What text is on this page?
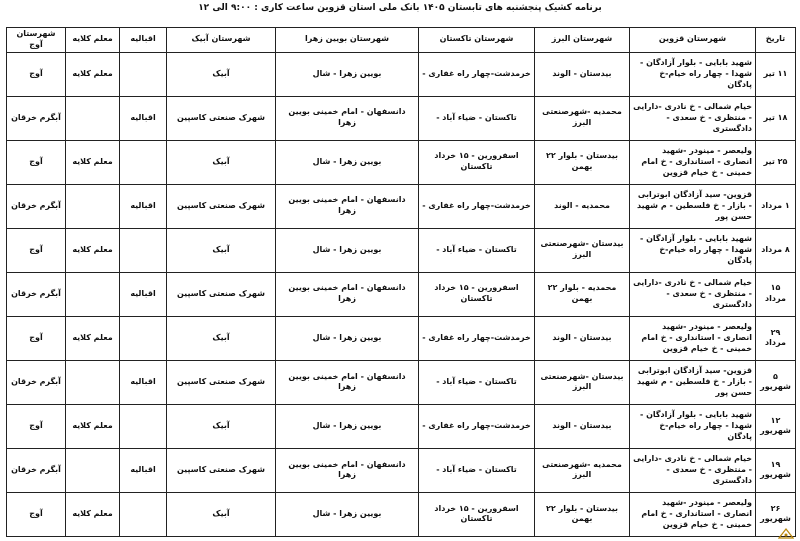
برنامه کشیک پنجشنبه های تابستان ۱۴۰۵ بانک ملی استان قزوین ساعت کاری : ۹:۰۰ الی ۱۲
تاریخ	شهرستان قزوین	شهرستان البرز	شهرستان تاکستان	شهرستان بویین زهرا	شهرستان آبیک	اقبالیه	معلم کلایه	شهرستان آوج
۱۱ تیر	شهید بابایی - بلوار آزادگان - شهدا - چهار راه خیام-خ پادگان	بیدستان - الوند	خرمدشت-چهار راه غفاری -	بویین زهرا - شال	آبیک		معلم کلایه	آوج
۱۸ تیر	خیام شمالی - خ نادری -دارایی - منتظری - خ سعدی - دادگستری	محمدیه -شهرصنعتی البرز	تاکستان - ضیاء آباد -	دانسفهان - امام خمینی بویین زهرا	شهرک صنعتی کاسپین	اقبالیه		آبگرم خرقان
۲۵ تیر	ولیعصر - مینودر -شهید انصاری - استانداری - خ امام خمینی - خ خیام قزوین	بیدستان - بلوار ۲۲ بهمن	اسفرورین - ۱۵ خرداد تاکستان	بویین زهرا - شال	آبیک		معلم کلایه	آوج
۱ مرداد	قزوین- سید آزادگان ابوترابی - بازار - خ فلسطین - م شهید حسن پور	محمدیه - الوند	خرمدشت-چهار راه غفاری -	دانسفهان - امام خمینی بویین زهرا	شهرک صنعتی کاسپین	اقبالیه		آبگرم خرقان
۸ مرداد	شهید بابایی - بلوار آزادگان - شهدا - چهار راه خیام-خ پادگان	بیدستان -شهرصنعتی البرز	تاکستان - ضیاء آباد -	بویین زهرا - شال	آبیک		معلم کلایه	آوج
۱۵ مرداد	خیام شمالی - خ نادری -دارایی - منتظری - خ سعدی - دادگستری	محمدیه - بلوار ۲۲ بهمن	اسفرورین - ۱۵ خرداد تاکستان	دانسفهان - امام خمینی بویین زهرا	شهرک صنعتی کاسپین	اقبالیه		آبگرم خرقان
۲۹ مرداد	ولیعصر - مینودر -شهید انصاری - استانداری - خ امام خمینی - خ خیام قزوین	بیدستان - الوند	خرمدشت-چهار راه غفاری -	بویین زهرا - شال	آبیک		معلم کلایه	آوج
۵ شهریور	قزوین- سید آزادگان ابوترابی - بازار - خ فلسطین - م شهید حسن پور	بیدستان -شهرصنعتی البرز	تاکستان - ضیاء آباد -	دانسفهان - امام خمینی بویین زهرا	شهرک صنعتی کاسپین	اقبالیه		آبگرم خرقان
۱۲ شهریور	شهید بابایی - بلوار آزادگان - شهدا - چهار راه خیام-خ پادگان	بیدستان - الوند	خرمدشت-چهار راه غفاری -	بویین زهرا - شال	آبیک		معلم کلایه	آوج
۱۹ شهریور	خیام شمالی - خ نادری -دارایی - منتظری - خ سعدی - دادگستری	محمدیه -شهرصنعتی البرز	تاکستان - ضیاء آباد -	دانسفهان - امام خمینی بویین زهرا	شهرک صنعتی کاسپین	اقبالیه		آبگرم خرقان
۲۶ شهریور	ولیعصر - مینودر -شهید انصاری - استانداری - خ امام خمینی - خ خیام قزوین	بیدستان - بلوار ۲۲ بهمن	اسفرورین - ۱۵ خرداد تاکستان	بویین زهرا - شال	آبیک		معلم کلایه	آوج
